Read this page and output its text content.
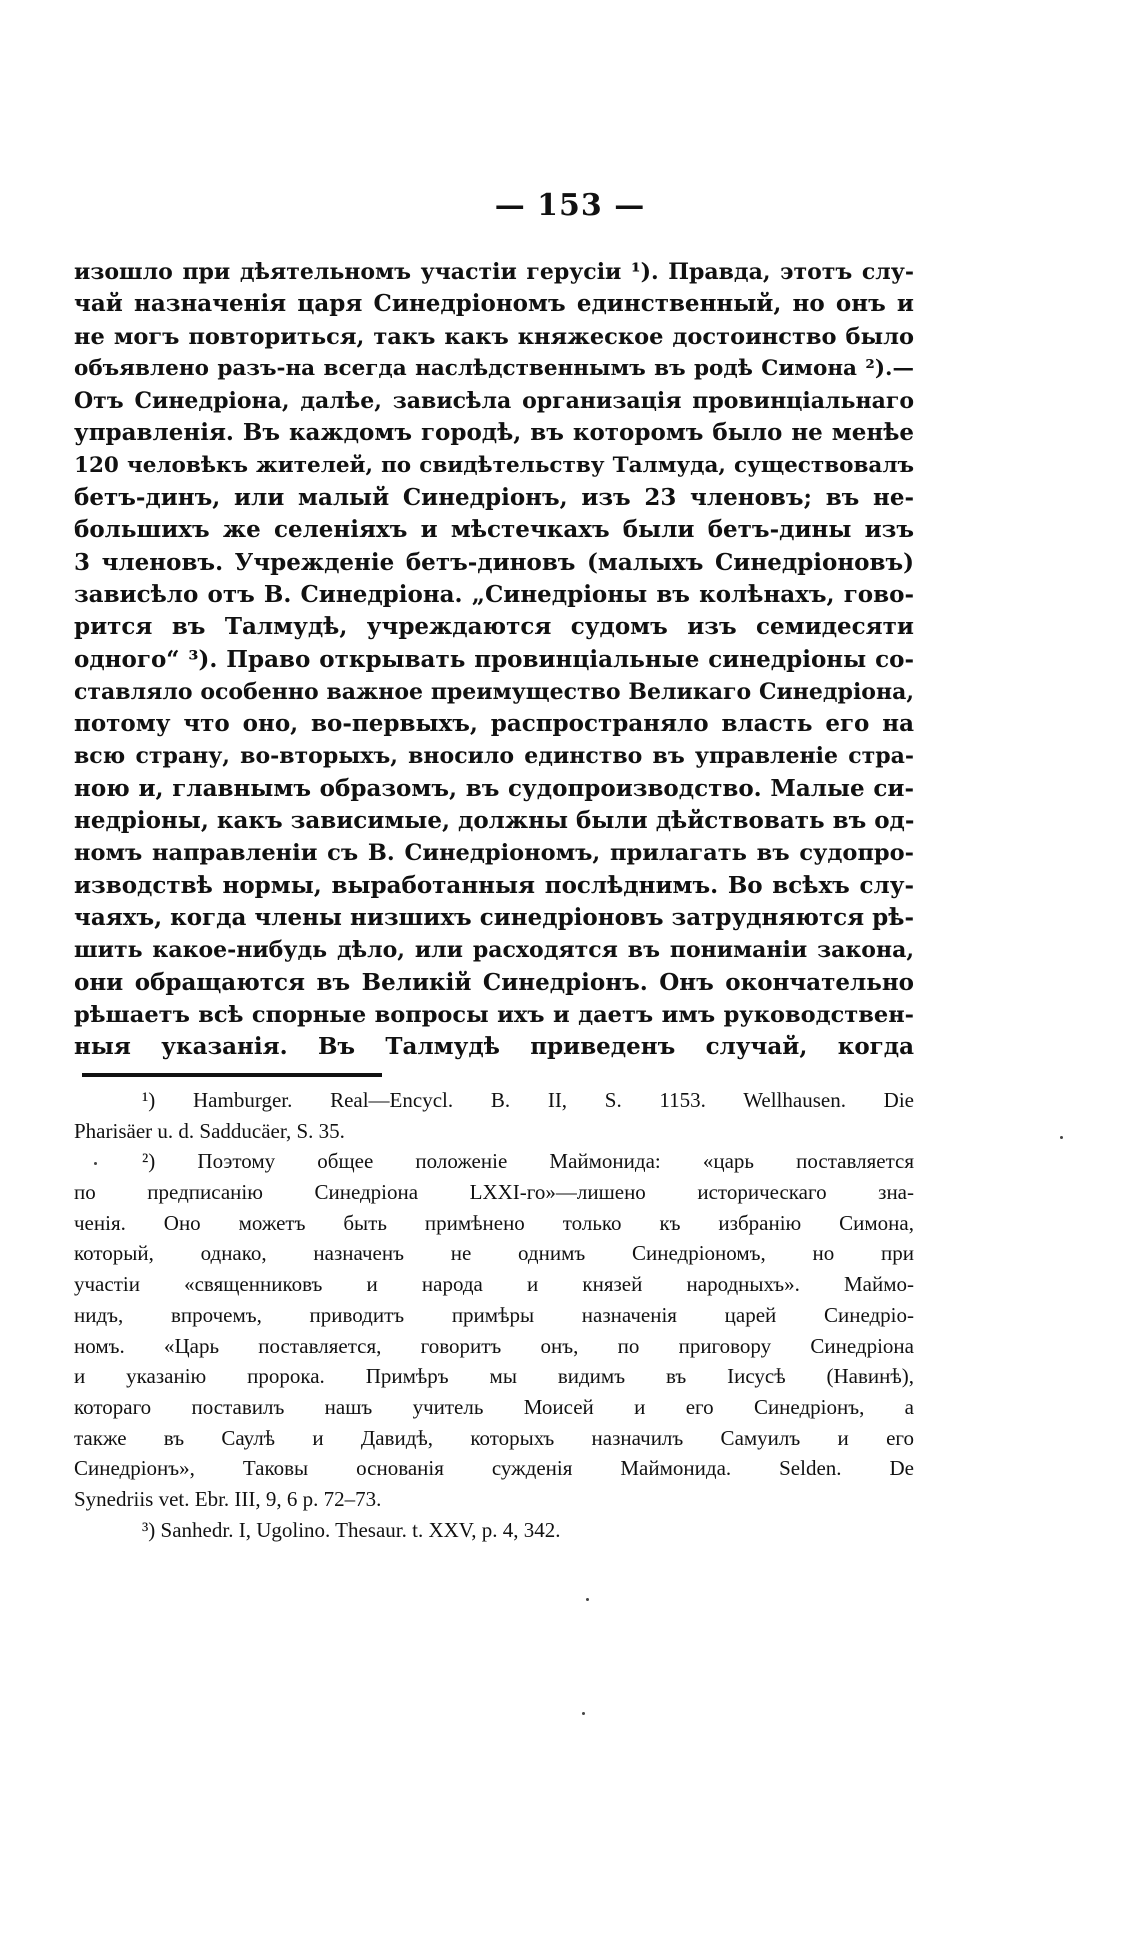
— 153 —
изошло при дѣятельномъ участіи герусіи ¹). Правда, этотъ слу-
чай назначенія царя Синедріономъ единственный, но онъ и
не могъ повториться, такъ какъ княжеское достоинство было
объявлено разъ-на всегда наслѣдственнымъ въ родѣ Симона ²).—
Отъ Синедріона, далѣе, зависѣла организація провинціальнаго
управленія. Въ каждомъ городѣ, въ которомъ было не менѣе
120 человѣкъ жителей, по свидѣтельству Талмуда, существовалъ
бетъ-динъ, или малый Синедріонъ, изъ 23 членовъ; въ не-
большихъ же селеніяхъ и мѣстечкахъ были бетъ-дины изъ
3 членовъ. Учрежденіе бетъ-диновъ (малыхъ Синедріоновъ)
зависѣло отъ В. Синедріона. „Синедріоны въ колѣнахъ, гово-
рится въ Талмудѣ, учреждаются судомъ изъ семидесяти
одного“ ³). Право открывать провинціальные синедріоны со-
ставляло особенно важное преимущество Великаго Синедріона,
потому что оно, во-первыхъ, распространяло власть его на
всю страну, во-вторыхъ, вносило единство въ управленіе стра-
ною и, главнымъ образомъ, въ судопроизводство. Малые си-
недріоны, какъ зависимые, должны были дѣйствовать въ од-
номъ направленіи съ В. Синедріономъ, прилагать въ судопро-
изводствѣ нормы, выработанныя послѣднимъ. Во всѣхъ слу-
чаяхъ, когда члены низшихъ синедріоновъ затрудняются рѣ-
шить какое-нибудь дѣло, или расходятся въ пониманіи закона,
они обращаются въ Великій Синедріонъ. Онъ окончательно
рѣшаетъ всѣ спорные вопросы ихъ и даетъ имъ руководствен-
ныя указанія. Въ Талмудѣ приведенъ случай, когда
¹) Hamburger. Real—Encycl. B. II, S. 1153. Wellhausen. Die
Pharisäer u. d. Sadducäer, S. 35.
²) Поэтому общее положеніе Маймонида: «царь поставляется
по предписанію Синедріона LXXI-го»—лишено историческаго зна-
ченія. Оно можетъ быть примѣнено только къ избранію Симона,
который, однако, назначенъ не однимъ Синедріономъ, но при
участіи «священниковъ и народа и князей народныхъ». Маймо-
нидъ, впрочемъ, приводитъ примѣры назначенія царей Синедріо-
номъ. «Царь поставляется, говоритъ онъ, по приговору Синедріона
и указанію пророка. Примѣръ мы видимъ въ Іисусѣ (Навинѣ),
котораго поставилъ нашъ учитель Моисей и его Синедріонъ, а
также въ Саулѣ и Давидѣ, которыхъ назначилъ Самуилъ и его
Синедріонъ», Таковы основанія сужденія Маймонида. Selden. De
Synedriis vet. Ebr. III, 9, 6 p. 72–73.
³) Sanhedr. I, Ugolino. Thesaur. t. XXV, p. 4, 342.
